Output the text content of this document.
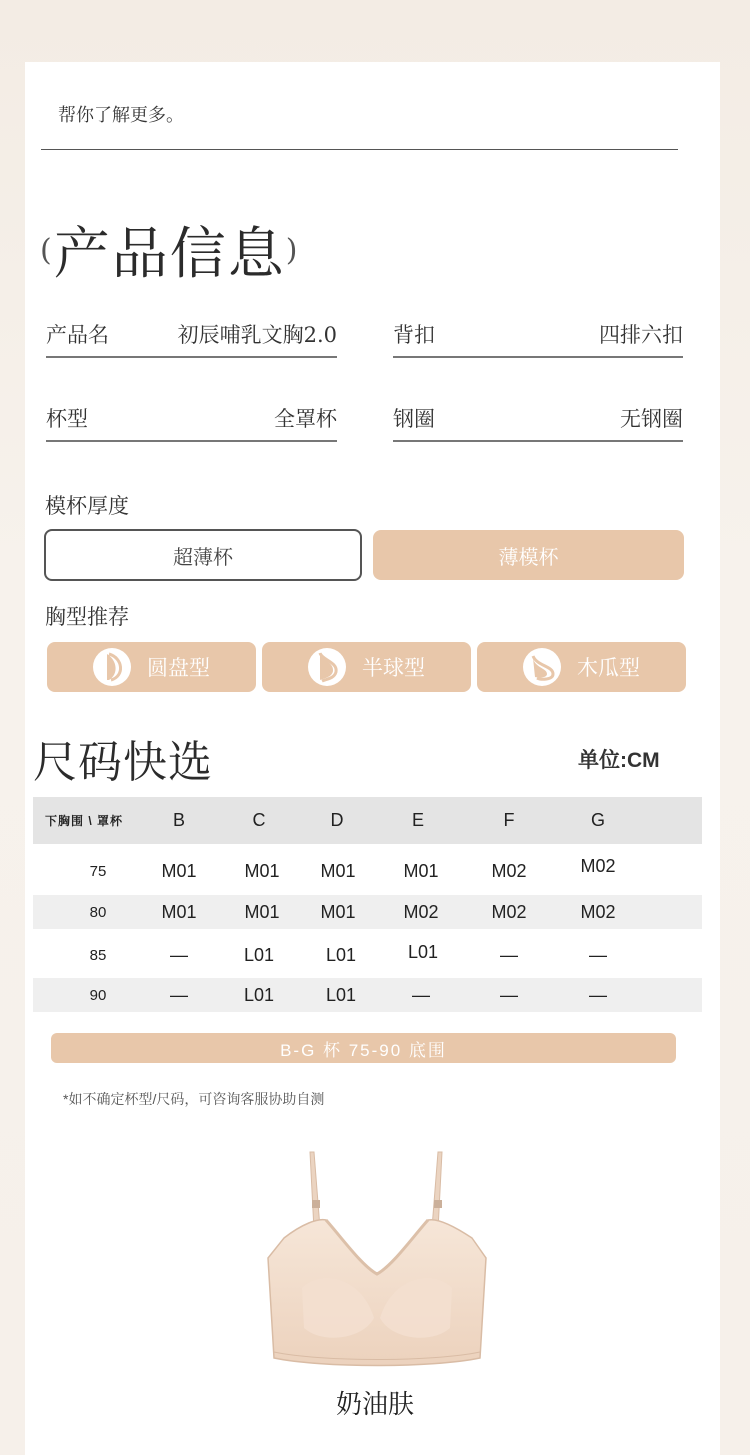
帮你了解更多。
( 产品信息 )
产品名	初辰哺乳文胸2.0	背扣	四排六扣
杯型	全罩杯	钢圈	无钢圈
模杯厚度
超薄杯	薄模杯
胸型推荐
圆盘型	半球型	木瓜型
尺码快选	单位:CM
下胸围 \ 罩杯	B	C	D	E	F	G
75	M01	M01	M01	M01	M02	M02
80	M01	M01	M01	M02	M02	M02
85	—	L01	L01	L01	—	—
90	—	L01	L01	—	—	—
B-G 杯 75-90 底围
*如不确定杯型/尺码，可咨询客服协助自测
奶油肤
